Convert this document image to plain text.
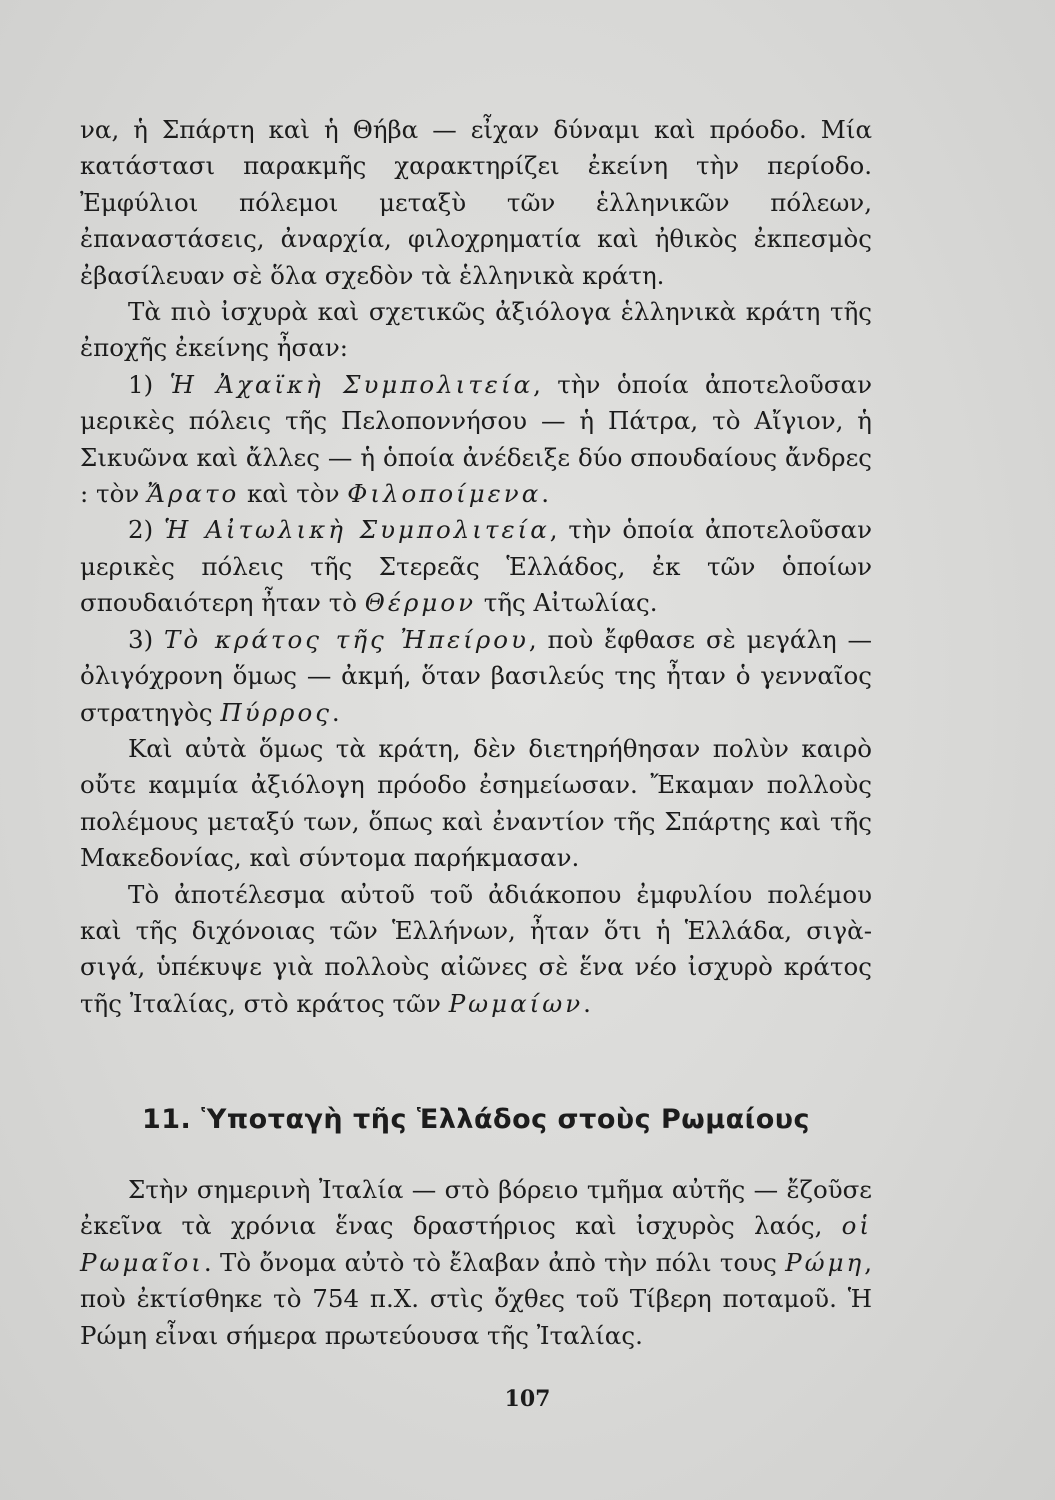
να, ἡ Σπάρτη καὶ ἡ Θήβα — εἶχαν δύναμι καὶ πρόοδο. Μία κατάστασι παρακμῆς χαρακτηρίζει ἐκείνη τὴν περίοδο. Ἐμφύλιοι πόλεμοι μεταξὺ τῶν ἑλληνικῶν πόλεων, ἐπαναστάσεις, ἀναρχία, φιλοχρηματία καὶ ἠθικὸς ἐκπεσμὸς ἐβασίλευαν σὲ ὅλα σχεδὸν τὰ ἑλληνικὰ κράτη.

Τὰ πιὸ ἰσχυρὰ καὶ σχετικῶς ἀξιόλογα ἑλληνικὰ κράτη τῆς ἐποχῆς ἐκείνης ἦσαν:

1) Ἡ Ἀχαϊκὴ Συμπολιτεία, τὴν ὁποία ἀποτελοῦσαν μερικὲς πόλεις τῆς Πελοποννήσου — ἡ Πάτρα, τὸ Αἴγιον, ἡ Σικυῶνα καὶ ἄλλες — ἡ ὁποία ἀνέδειξε δύο σπουδαίους ἄνδρες : τὸν Ἄρατο καὶ τὸν Φιλοποίμενα.

2) Ἡ Αἰτωλικὴ Συμπολιτεία, τὴν ὁποία ἀποτελοῦσαν μερικὲς πόλεις τῆς Στερεᾶς Ἑλλάδος, ἐκ τῶν ὁποίων σπουδαιότερη ἦταν τὸ Θέρμον τῆς Αἰτωλίας.

3) Τὸ κράτος τῆς Ἠπείρου, ποὺ ἔφθασε σὲ μεγάλη — ὀλιγόχρονη ὅμως — ἀκμή, ὅταν βασιλεύς της ἦταν ὁ γενναῖος στρατηγὸς Πύρρος.

Καὶ αὐτὰ ὅμως τὰ κράτη, δὲν διετηρήθησαν πολὺν καιρὸ οὔτε καμμία ἀξιόλογη πρόοδο ἐσημείωσαν. Ἔκαμαν πολλοὺς πολέμους μεταξύ των, ὅπως καὶ ἐναντίον τῆς Σπάρτης καὶ τῆς Μακεδονίας, καὶ σύντομα παρήκμασαν.

Τὸ ἀποτέλεσμα αὐτοῦ τοῦ ἀδιάκοπου ἐμφυλίου πολέμου καὶ τῆς διχόνοιας τῶν Ἑλλήνων, ἦταν ὅτι ἡ Ἑλλάδα, σιγὰ-σιγά, ὑπέκυψε γιὰ πολλοὺς αἰῶνες σὲ ἕνα νέο ἰσχυρὸ κράτος τῆς Ἰταλίας, στὸ κράτος τῶν Ρωμαίων.

11. Ὑποταγὴ τῆς Ἑλλάδος στοὺς Ρωμαίους

Στὴν σημερινὴ Ἰταλία — στὸ βόρειο τμῆμα αὐτῆς — ἔζοῦσε ἐκεῖνα τὰ χρόνια ἕνας δραστήριος καὶ ἰσχυρὸς λαός, οἱ Ρωμαῖοι. Τὸ ὄνομα αὐτὸ τὸ ἔλαβαν ἀπὸ τὴν πόλι τους Ρώμη, ποὺ ἐκτίσθηκε τὸ 754 π.Χ. στὶς ὄχθες τοῦ Τίβερη ποταμοῦ. Ἡ Ρώμη εἶναι σήμερα πρωτεύουσα τῆς Ἰταλίας.

107
